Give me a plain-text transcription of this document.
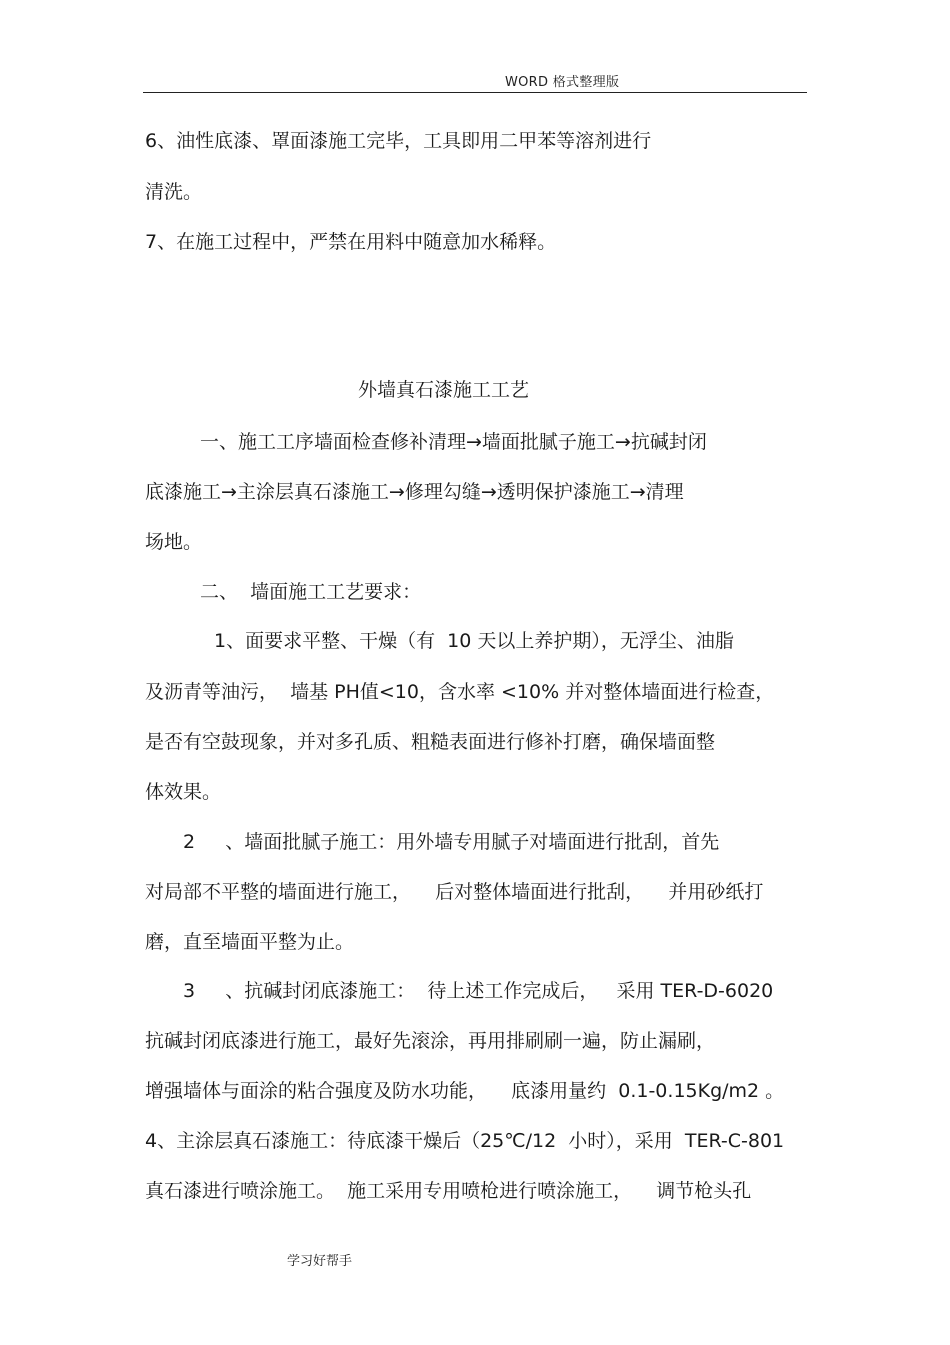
WORD 格式整理版
6、油性底漆、罩面漆施工完毕，工具即用二甲苯等溶剂进行
清洗。
7、在施工过程中，严禁在用料中随意加水稀释。
外墙真石漆施工工艺
一、施工工序墙面检查修补清理→墙面批腻子施工→抗碱封闭
底漆施工→主涂层真石漆施工→修理勾缝→透明保护漆施工→清理
场地。
二、  墙面施工工艺要求：
1、面要求平整、干燥（有  10 天以上养护期），无浮尘、油脂
及沥青等油污，  墙基 PH值<10，含水率 <10% 并对整体墙面进行检查，
是否有空鼓现象，并对多孔质、粗糙表面进行修补打磨，确保墙面整
体效果。
2     、墙面批腻子施工：用外墙专用腻子对墙面进行批刮，首先
对局部不平整的墙面进行施工，    后对整体墙面进行批刮，    并用砂纸打
磨，直至墙面平整为止。
3     、抗碱封闭底漆施工：  待上述工作完成后，   采用 TER-D-6020
抗碱封闭底漆进行施工，最好先滚涂，再用排刷刷一遍，防止漏刷，
增强墙体与面涂的粘合强度及防水功能，    底漆用量约  0.1-0.15Kg/m2 。
4、主涂层真石漆施工：待底漆干燥后（25℃/12  小时），采用  TER-C-801
真石漆进行喷涂施工。  施工采用专用喷枪进行喷涂施工，    调节枪头孔
学习好帮手
